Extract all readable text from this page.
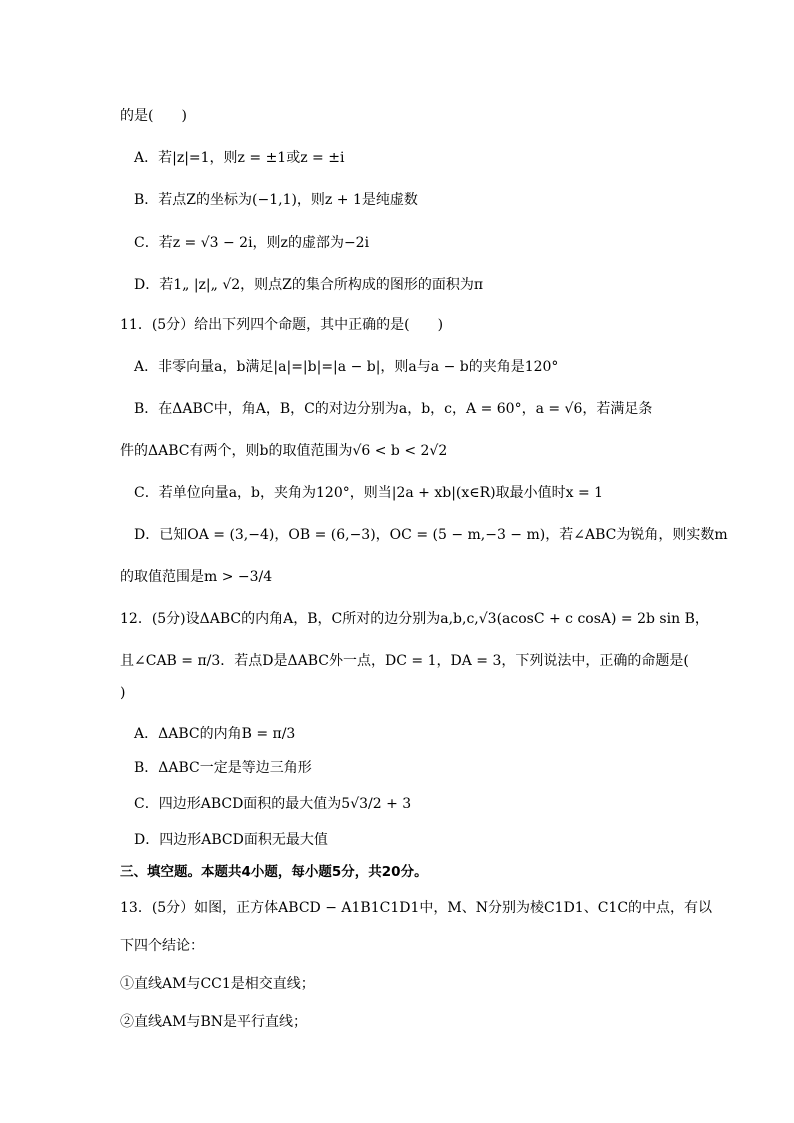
的是(　　)
A．若|z|=1，则z = ±1或z = ±i
B．若点Z的坐标为(−1,1)，则z + 1是纯虚数
C．若z = √3 − 2i，则z的虚部为−2i
D．若1„ |z|„ √2，则点Z的集合所构成的图形的面积为π
11．(5分）给出下列四个命题，其中正确的是(　　)
A．非零向量a，b满足|a|=|b|=|a − b|，则a与a − b的夹角是120°
B．在ΔABC中，角A，B，C的对边分别为a，b，c，A = 60°，a = √6，若满足条
件的ΔABC有两个，则b的取值范围为√6 < b < 2√2
C．若单位向量a，b，夹角为120°，则当|2a + xb|(x∈R)取最小值时x = 1
D．已知OA = (3,−4)，OB = (6,−3)，OC = (5 − m,−3 − m)，若∠ABC为锐角，则实数m
的取值范围是m > −3/4
12．(5分)设ΔABC的内角A，B，C所对的边分别为a,b,c,√3(acosC + c cosA) = 2b sin B，
且∠CAB = π/3．若点D是ΔABC外一点，DC = 1，DA = 3，下列说法中，正确的命题是(
)
A．ΔABC的内角B = π/3
B．ΔABC一定是等边三角形
C．四边形ABCD面积的最大值为5√3/2 + 3
D．四边形ABCD面积无最大值
三、填空题。本题共4小题，每小题5分，共20分。
13．(5分）如图，正方体ABCD − A1B1C1D1中，M、N分别为棱C1D1、C1C的中点，有以
下四个结论：
①直线AM与CC1是相交直线；
②直线AM与BN是平行直线；
